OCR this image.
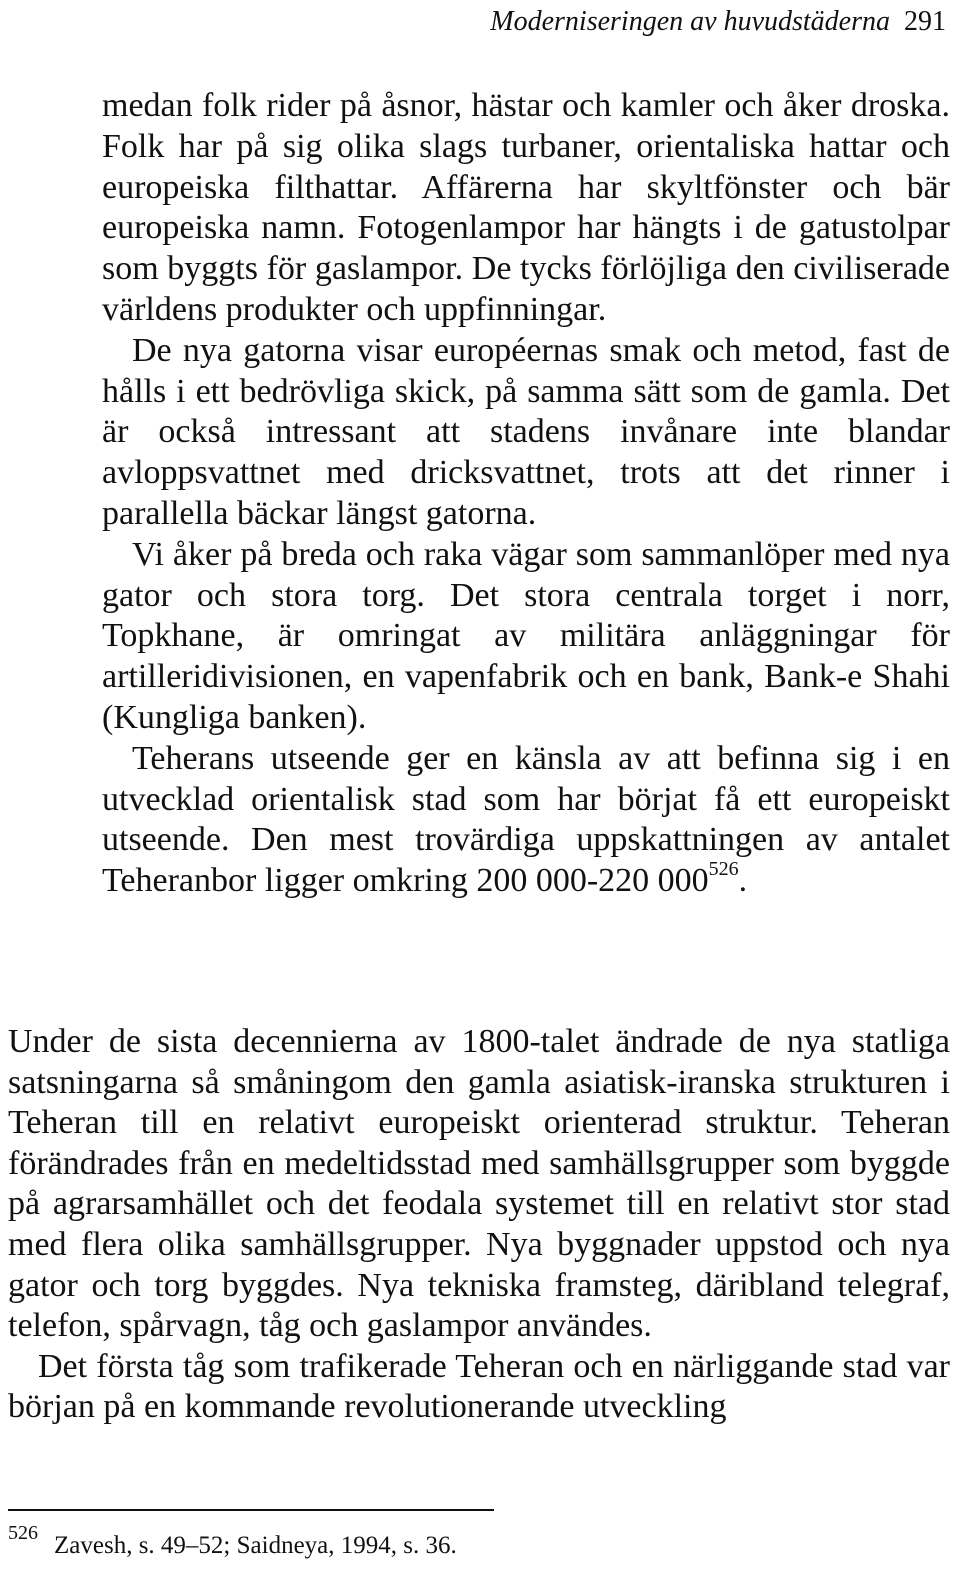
Moderniseringen av huvudstäderna 291

medan folk rider på åsnor, hästar och kamler och åker droska. Folk har på sig olika slags turbaner, orientaliska hattar och europeiska filthattar. Affärerna har skyltfönster och bär europeiska namn. Fotogenlampor har hängts i de gatustolpar som byggts för gaslampor. De tycks förlöjliga den civiliserade världens produkter och uppfinningar.

De nya gatorna visar européernas smak och metod, fast de hålls i ett bedrövliga skick, på samma sätt som de gamla. Det är också intressant att stadens invånare inte blandar avloppsvattnet med dricksvattnet, trots att det rinner i parallella bäckar längst gatorna.

Vi åker på breda och raka vägar som sammanlöper med nya gator och stora torg. Det stora centrala torget i norr, Topkhane, är omringat av militära anläggningar för artilleridivisionen, en vapenfabrik och en bank, Bank-e Shahi (Kungliga banken).

Teherans utseende ger en känsla av att befinna sig i en utvecklad orientalisk stad som har börjat få ett europeiskt utseende. Den mest trovärdiga uppskattningen av antalet Teheranbor ligger omkring 200 000-220 $000^{526}$.

Under de sista decennierna av 1800-talet ändrade de nya statliga satsningarna så småningom den gamla asiatisk-iranska strukturen i Teheran till en relativt europeiskt orienterad struktur. Teheran förändrades från en medeltidsstad med samhällsgrupper som byggde på agrarsamhället och det feodala systemet till en relativt stor stad med flera olika samhällsgrupper. Nya byggnader uppstod och nya gator och torg byggdes. Nya tekniska framsteg, däribland telegraf, telefon, spårvagn, tåg och gaslampor användes.

Det första tåg som trafikerade Teheran och en närliggande stad var början på en kommande revolutionerande utveckling

$^{526}$ Zavesh, s. 49–52; Saidneya, 1994, s. 36.
